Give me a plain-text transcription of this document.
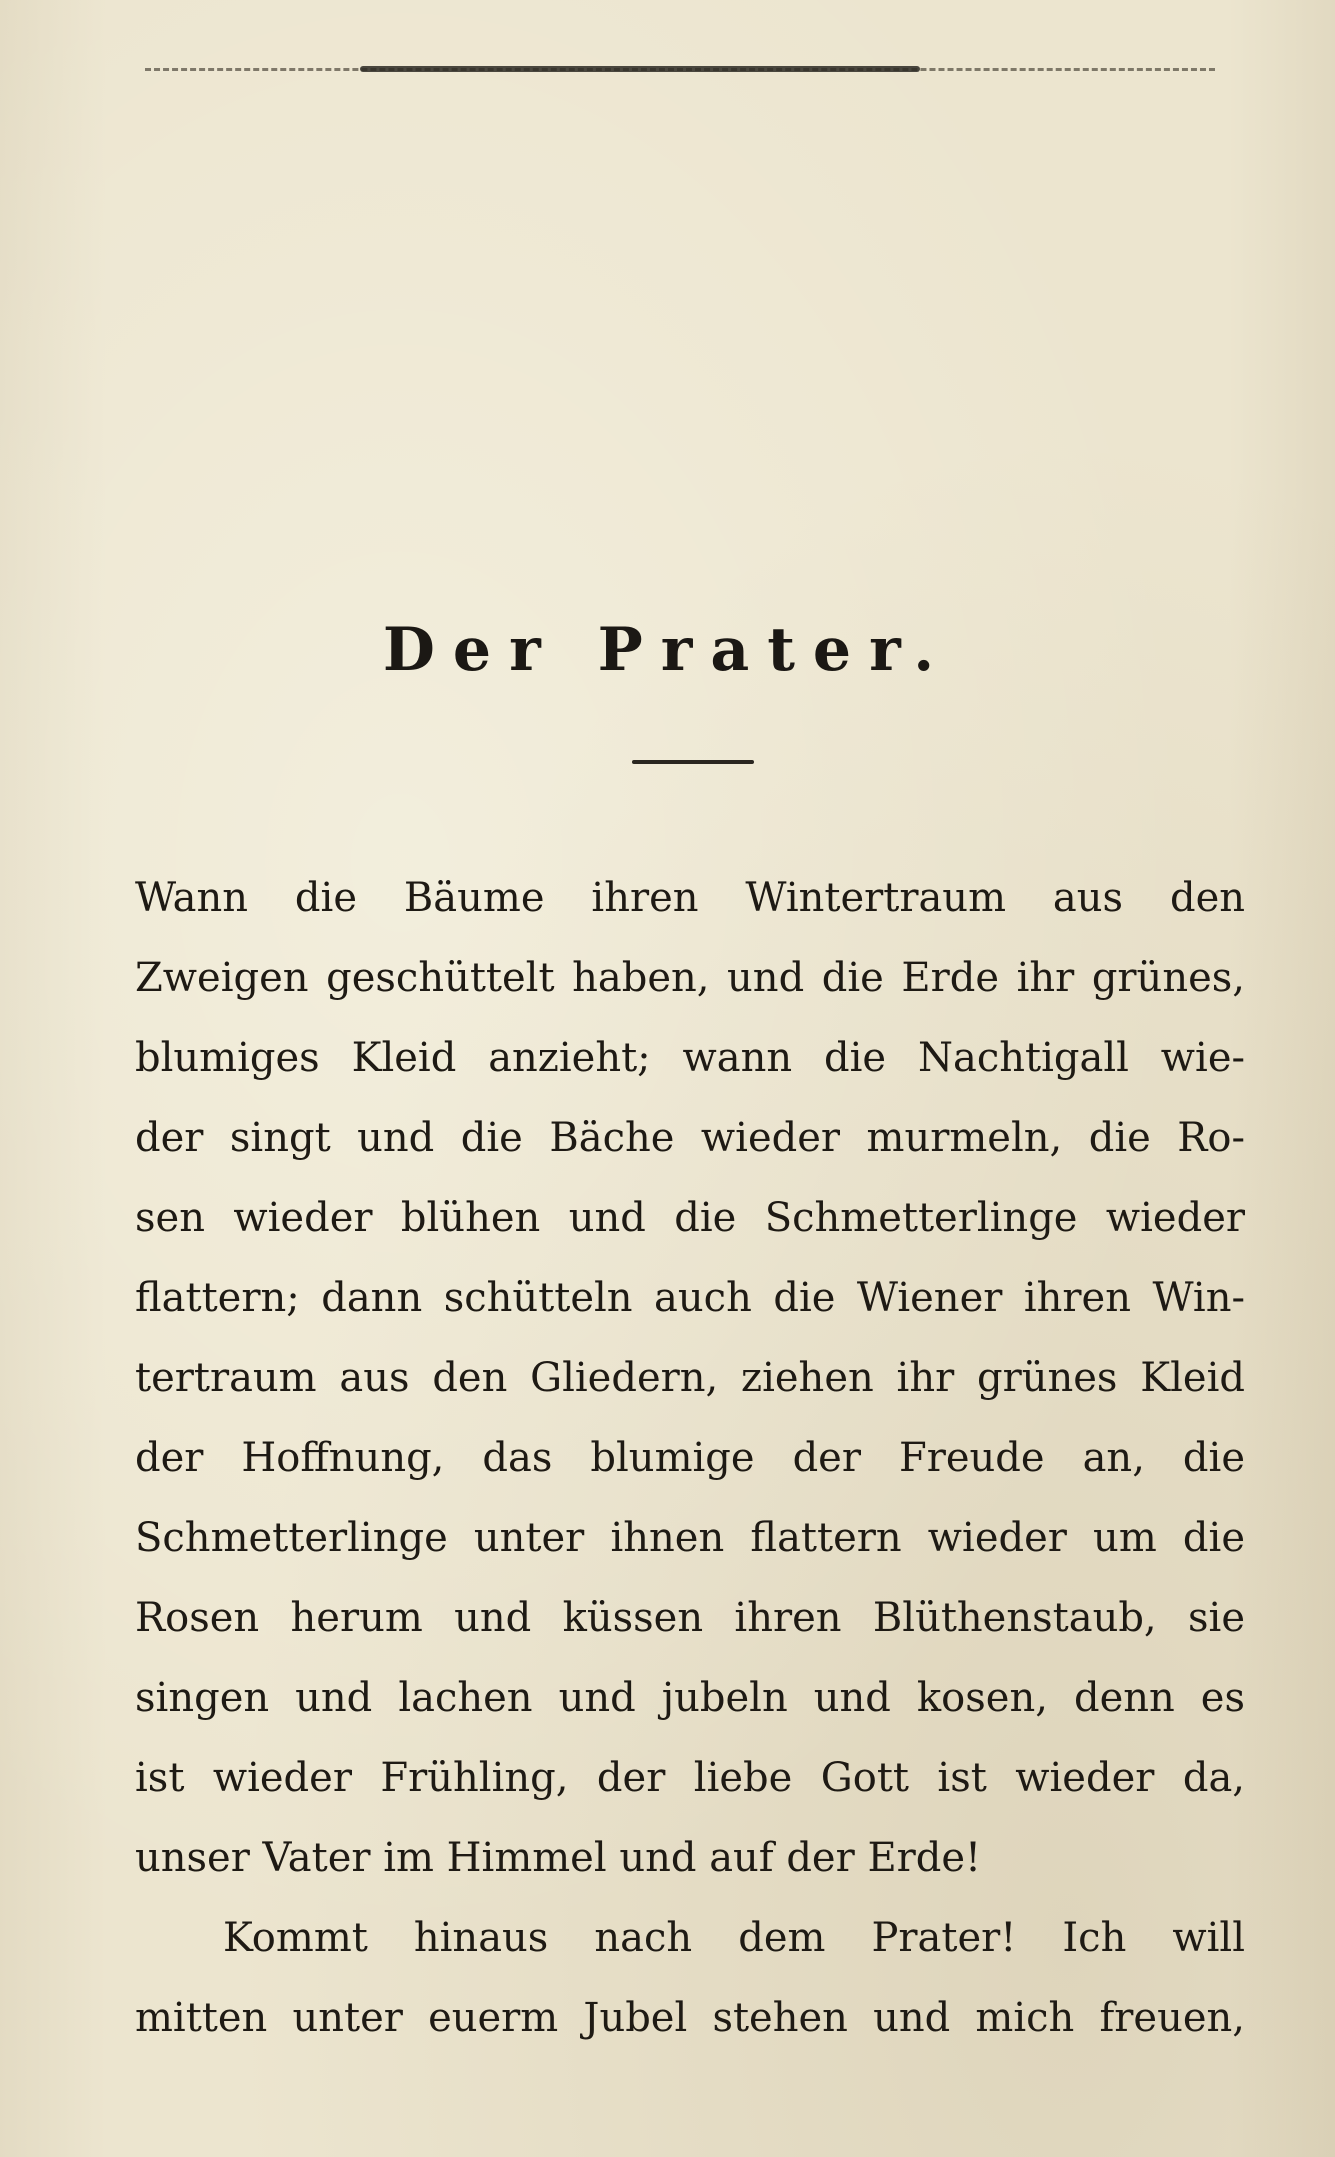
Der Prater.
Wann die Bäume ihren Wintertraum aus den
Zweigen geschüttelt haben, und die Erde ihr grünes,
blumiges Kleid anzieht; wann die Nachtigall wie-
der singt und die Bäche wieder murmeln, die Ro-
sen wieder blühen und die Schmetterlinge wieder
flattern; dann schütteln auch die Wiener ihren Win-
tertraum aus den Gliedern, ziehen ihr grünes Kleid
der Hoffnung, das blumige der Freude an, die
Schmetterlinge unter ihnen flattern wieder um die
Rosen herum und küssen ihren Blüthenstaub, sie
singen und lachen und jubeln und kosen, denn es
ist wieder Frühling, der liebe Gott ist wieder da,
unser Vater im Himmel und auf der Erde!
Kommt hinaus nach dem Prater! Ich will
mitten unter euerm Jubel stehen und mich freuen,
